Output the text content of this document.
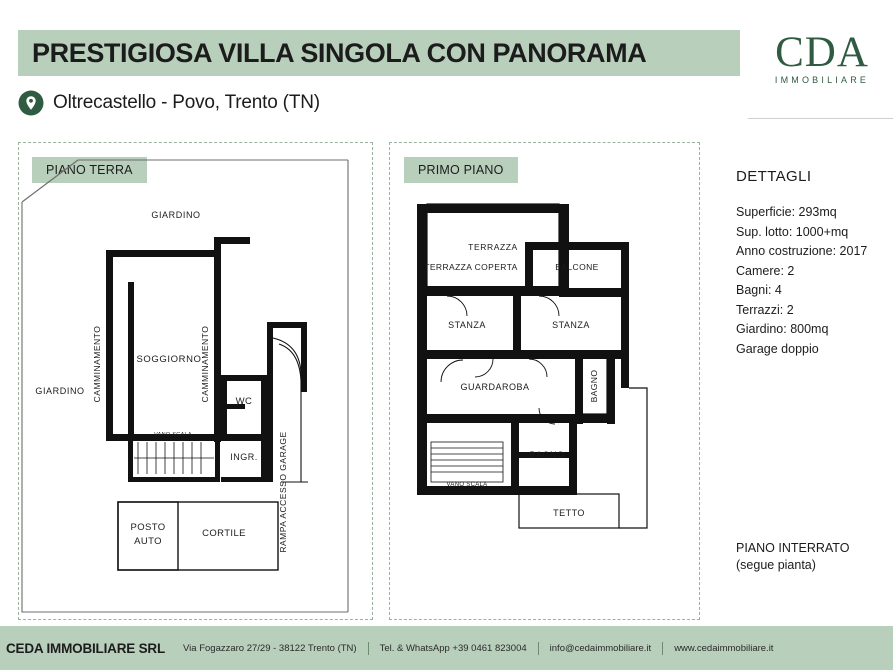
PRESTIGIOSA VILLA SINGOLA CON PANORAMA
Oltrecastello - Povo, Trento (TN)
CDA
IMMOBILIARE
PIANO TERRA	PRIMO PIANO
GIARDINO
GIARDINO
SOGGIORNO
WC
INGR.
VANO SCALA
POSTO
AUTO
CORTILE
CAMMINAMENTO	CAMMINAMENTO
RAMPA ACCESSO GARAGE
TERRAZZA
TERRAZZA COPERTA	BALCONE
STANZA	STANZA
GUARDAROBA	BAGNO
BAGNO
VANO SCALA
TETTO
DETTAGLI
Superficie: 293mq
Sup. lotto: 1000+mq
Anno costruzione: 2017
Camere: 2
Bagni: 4
Terrazzi: 2
Giardino: 800mq
Garage doppio
PIANO INTERRATO
(segue pianta)
CEDA IMMOBILIARE SRL Via Fogazzaro 27/29 - 38122 Trento (TN) Tel. & WhatsApp +39 0461 823004 info@cedaimmobiliare.it www.cedaimmobiliare.it
